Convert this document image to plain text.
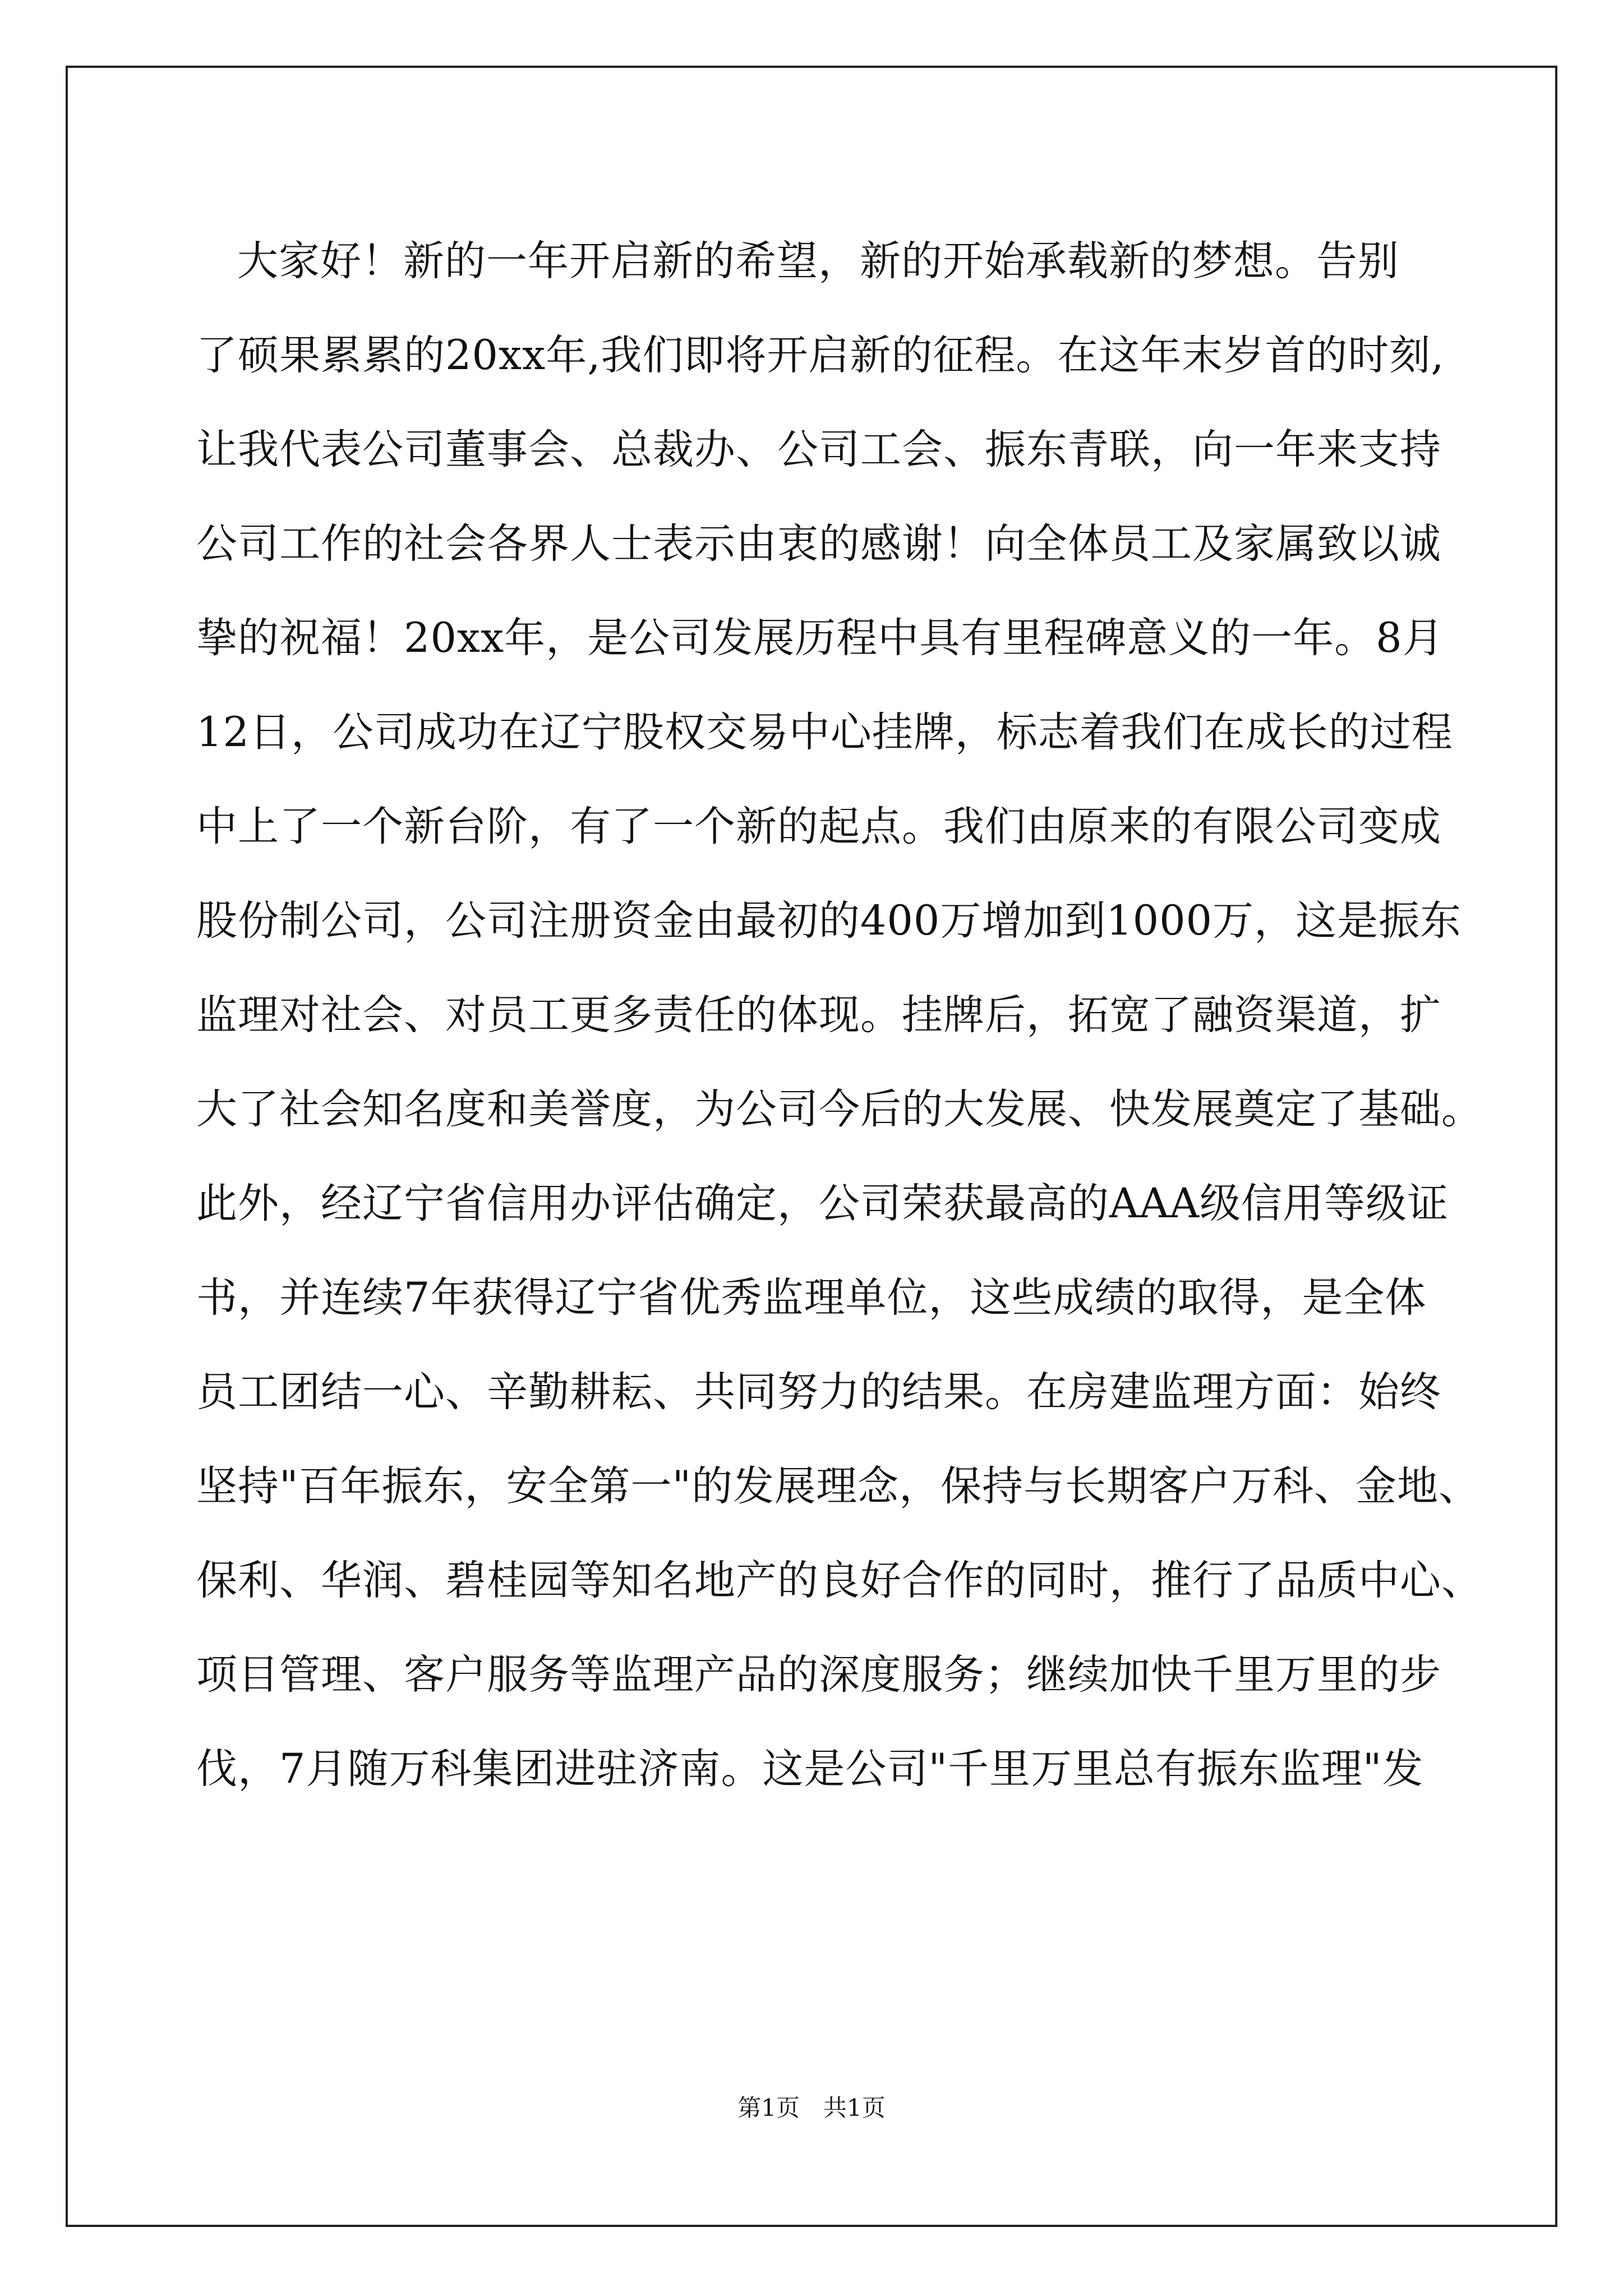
大家好！新的一年开启新的希望，新的开始承载新的梦想。告别
了硕果累累的20xx年,我们即将开启新的征程。在这年末岁首的时刻,
让我代表公司董事会、总裁办、公司工会、振东青联，向一年来支持
公司工作的社会各界人士表示由衷的感谢！向全体员工及家属致以诚
挚的祝福！20xx年，是公司发展历程中具有里程碑意义的一年。8月
12日，公司成功在辽宁股权交易中心挂牌，标志着我们在成长的过程
中上了一个新台阶，有了一个新的起点。我们由原来的有限公司变成
股份制公司，公司注册资金由最初的400万增加到1000万，这是振东
监理对社会、对员工更多责任的体现。挂牌后，拓宽了融资渠道，扩
大了社会知名度和美誉度，为公司今后的大发展、快发展奠定了基础。
此外，经辽宁省信用办评估确定，公司荣获最高的AAA级信用等级证
书，并连续7年获得辽宁省优秀监理单位，这些成绩的取得，是全体
员工团结一心、辛勤耕耘、共同努力的结果。在房建监理方面：始终
坚持"百年振东，安全第一"的发展理念，保持与长期客户万科、金地、
保利、华润、碧桂园等知名地产的良好合作的同时，推行了品质中心、
项目管理、客户服务等监理产品的深度服务；继续加快千里万里的步
伐，7月随万科集团进驻济南。这是公司"千里万里总有振东监理"发
第1页　共1页
